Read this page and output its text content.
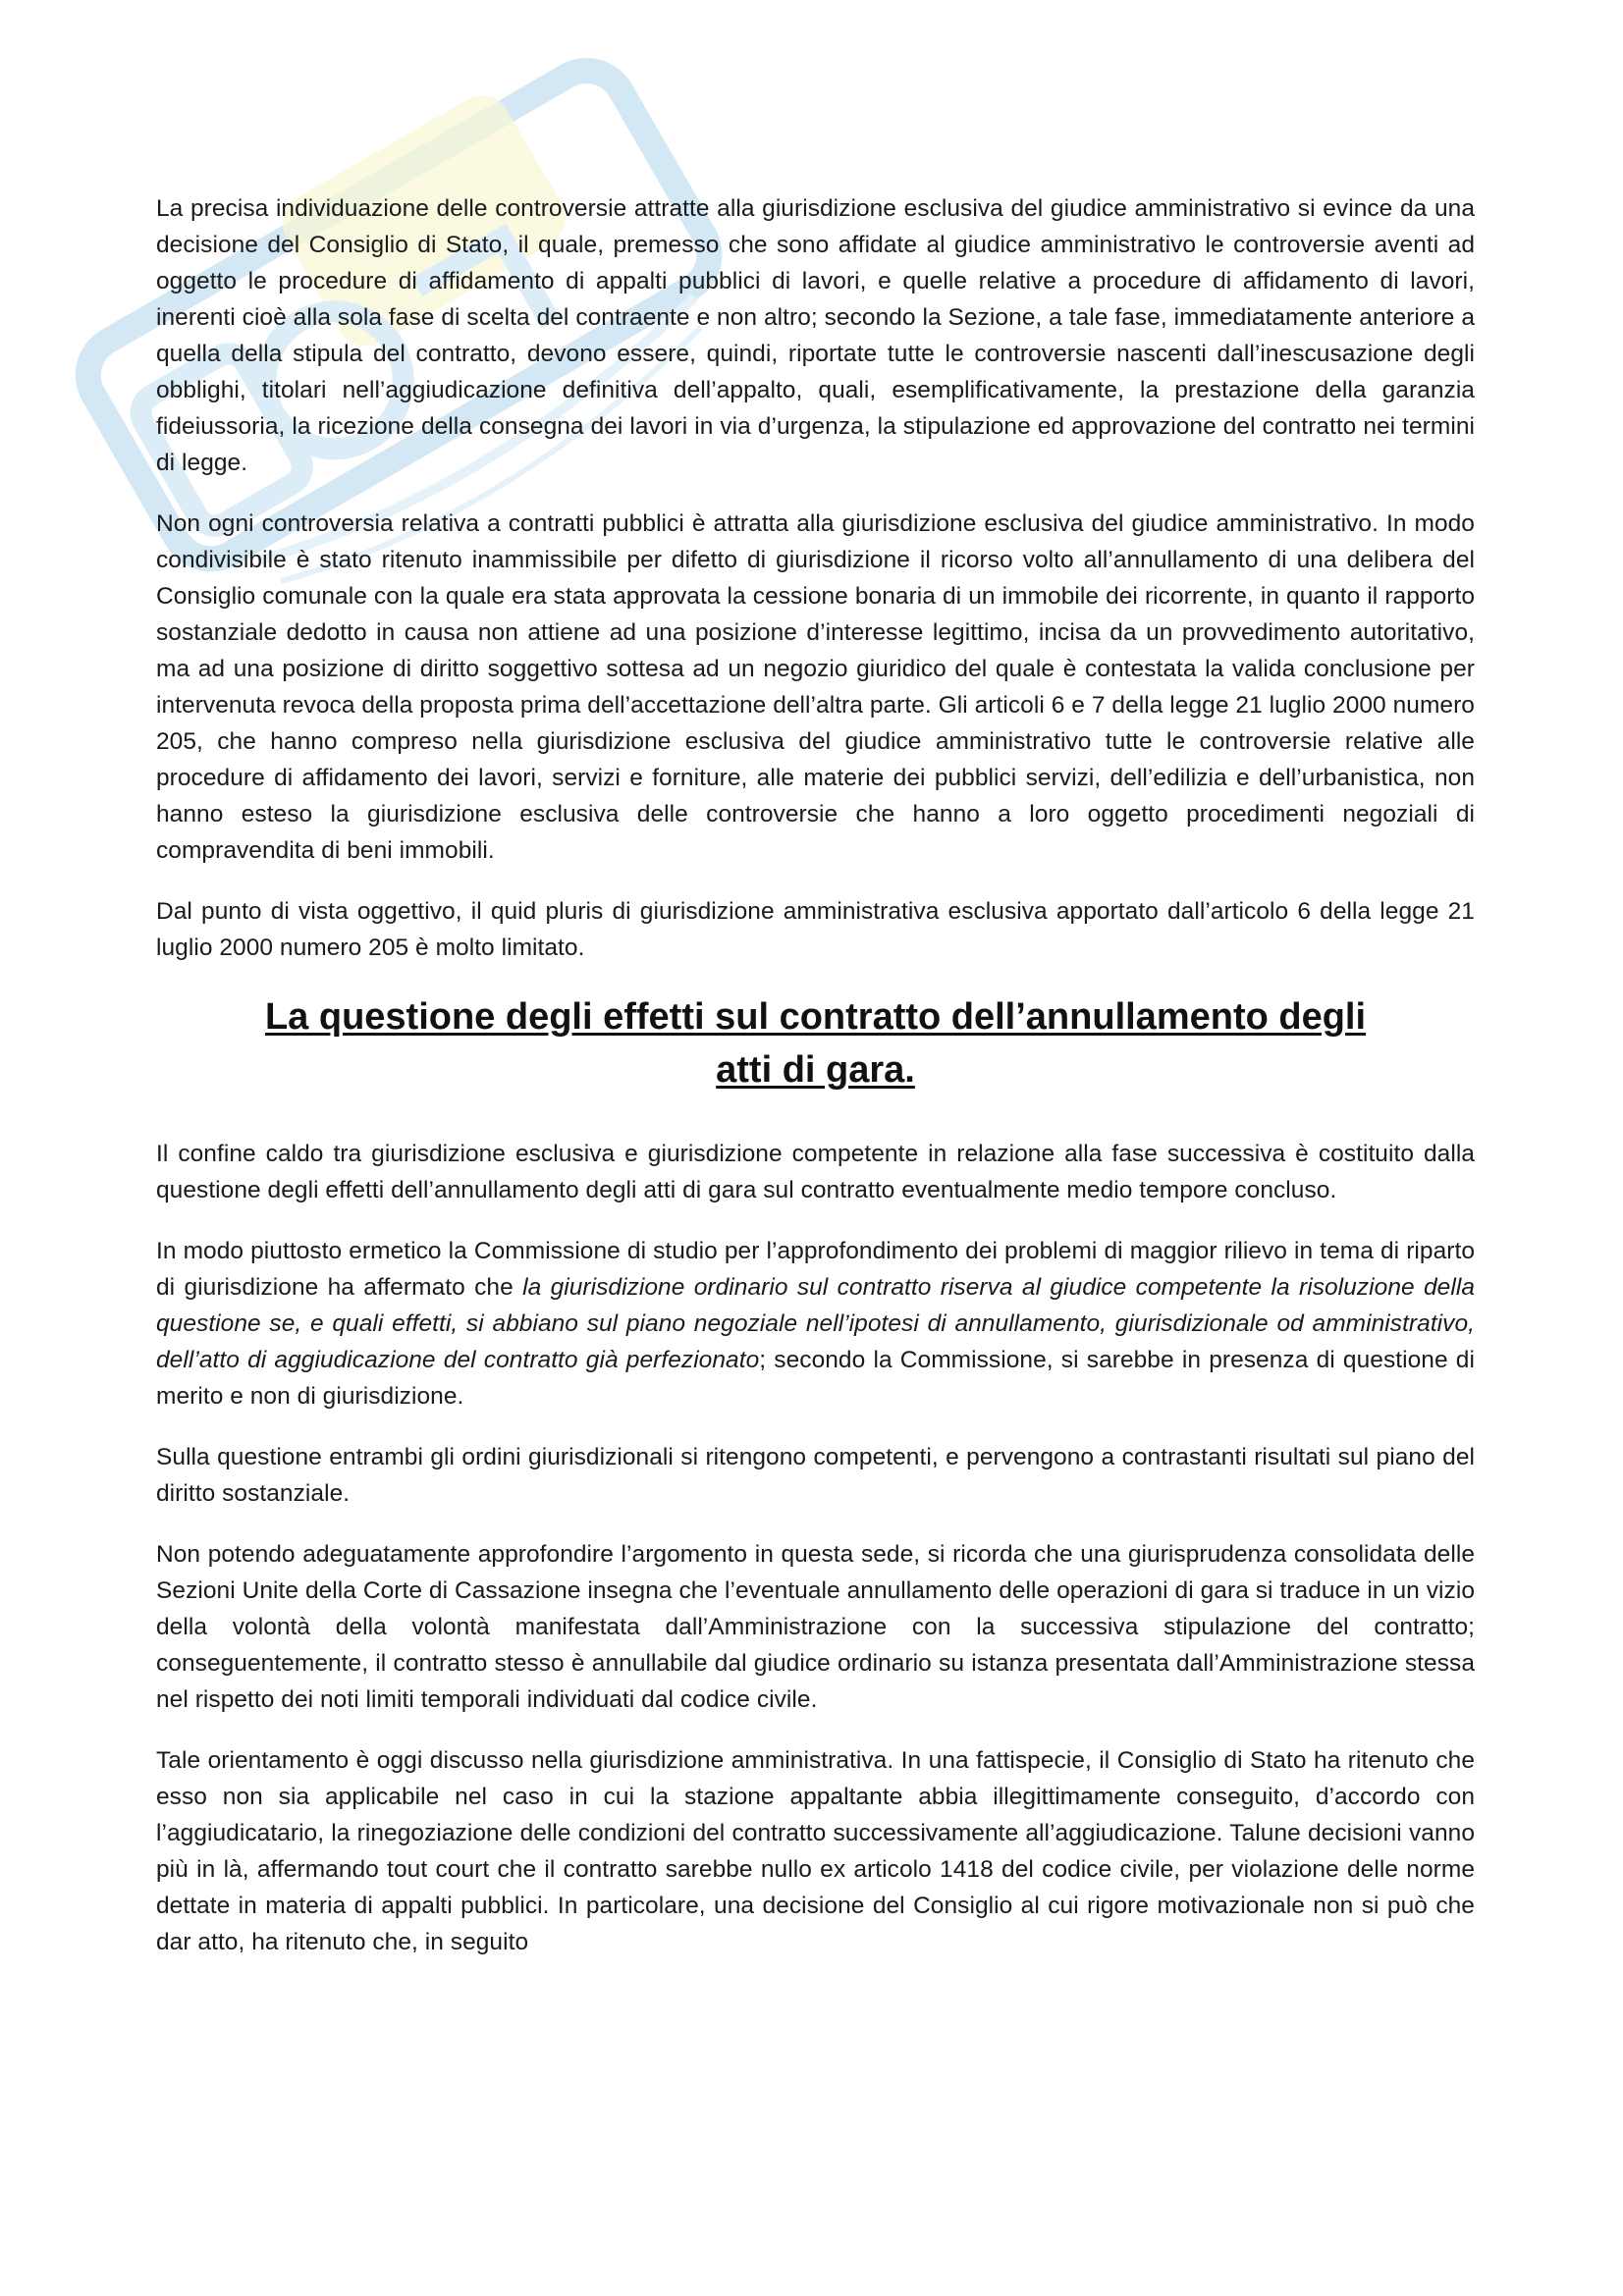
La precisa individuazione delle controversie attratte alla giurisdizione esclusiva del giudice amministrativo si evince da una decisione del Consiglio di Stato, il quale, premesso che sono affidate al giudice amministrativo le controversie aventi ad oggetto le procedure di affidamento di appalti pubblici di lavori, e quelle relative a procedure di affidamento di lavori, inerenti cioè alla sola fase di scelta del contraente e non altro; secondo la Sezione, a tale fase, immediatamente anteriore a quella della stipula del contratto, devono essere, quindi, riportate tutte le controversie nascenti dall’inescusazione degli obblighi, titolari nell’aggiudicazione definitiva dell’appalto, quali, esemplificativamente, la prestazione della garanzia fideiussoria, la ricezione della consegna dei lavori in via d’urgenza, la stipulazione ed approvazione del contratto nei termini di legge.

Non ogni controversia relativa a contratti pubblici è attratta alla giurisdizione esclusiva del giudice amministrativo. In modo condivisibile è stato ritenuto inammissibile per difetto di giurisdizione il ricorso volto all’annullamento di una delibera del Consiglio comunale con la quale era stata approvata la cessione bonaria di un immobile dei ricorrente, in quanto il rapporto sostanziale dedotto in causa non attiene ad una posizione d’interesse legittimo, incisa da un provvedimento autoritativo, ma ad una posizione di diritto soggettivo sottesa ad un negozio giuridico del quale è contestata la valida conclusione per intervenuta revoca della proposta prima dell’accettazione dell’altra parte. Gli articoli 6 e 7 della legge 21 luglio 2000 numero 205, che hanno compreso nella giurisdizione esclusiva del giudice amministrativo tutte le controversie relative alle procedure di affidamento dei lavori, servizi e forniture, alle materie dei pubblici servizi, dell’edilizia e dell’urbanistica, non hanno esteso la giurisdizione esclusiva delle controversie che hanno a loro oggetto procedimenti negoziali di compravendita di beni immobili.

Dal punto di vista oggettivo, il quid pluris di giurisdizione amministrativa esclusiva apportato dall’articolo 6 della legge 21 luglio 2000 numero 205 è molto limitato.

La questione degli effetti sul contratto dell’annullamento degli
atti di gara.

Il confine caldo tra giurisdizione esclusiva e giurisdizione competente in relazione alla fase successiva è costituito dalla questione degli effetti dell’annullamento degli atti di gara sul contratto eventualmente medio tempore concluso.

In modo piuttosto ermetico la Commissione di studio per l’approfondimento dei problemi di maggior rilievo in tema di riparto di giurisdizione ha affermato che la giurisdizione ordinario sul contratto riserva al giudice competente la risoluzione della questione se, e quali effetti, si abbiano sul piano negoziale nell’ipotesi di annullamento, giurisdizionale od amministrativo, dell’atto di aggiudicazione del contratto già perfezionato; secondo la Commissione, si sarebbe in presenza di questione di merito e non di giurisdizione.

Sulla questione entrambi gli ordini giurisdizionali si ritengono competenti, e pervengono a contrastanti risultati sul piano del diritto sostanziale.

Non potendo adeguatamente approfondire l’argomento in questa sede, si ricorda che una giurisprudenza consolidata delle Sezioni Unite della Corte di Cassazione insegna che l’eventuale annullamento delle operazioni di gara si traduce in un vizio della volontà della volontà manifestata dall’Amministrazione con la successiva stipulazione del contratto; conseguentemente, il contratto stesso è annullabile dal giudice ordinario su istanza presentata dall’Amministrazione stessa nel rispetto dei noti limiti temporali individuati dal codice civile.

Tale orientamento è oggi discusso nella giurisdizione amministrativa. In una fattispecie, il Consiglio di Stato ha ritenuto che esso non sia applicabile nel caso in cui la stazione appaltante abbia illegittimamente conseguito, d’accordo con l’aggiudicatario, la rinegoziazione delle condizioni del contratto successivamente all’aggiudicazione. Talune decisioni vanno più in là, affermando tout court che il contratto sarebbe nullo ex articolo 1418 del codice civile, per violazione delle norme dettate in materia di appalti pubblici. In particolare, una decisione del Consiglio al cui rigore motivazionale non si può che dar atto, ha ritenuto che, in seguito
